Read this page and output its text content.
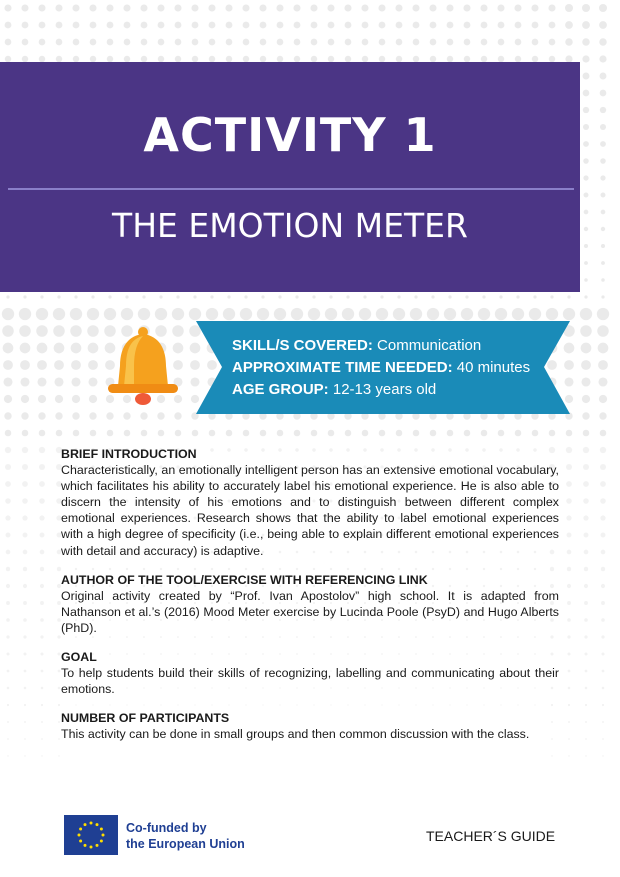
ACTIVITY 1
THE EMOTION METER
SKILL/S COVERED: Communication
APPROXIMATE TIME NEEDED: 40 minutes
AGE GROUP: 12-13 years old
BRIEF INTRODUCTION
Characteristically, an emotionally intelligent person has an extensive emotional vocabulary, which facilitates his ability to accurately label his emotional experience. He is also able to discern the intensity of his emotions and to distinguish between different complex emotional experiences. Research shows that the ability to label emotional experiences with a high degree of specificity (i.e., being able to explain different emotional experiences with detail and accuracy) is adaptive.
AUTHOR OF THE TOOL/EXERCISE WITH REFERENCING LINK
Original activity created by “Prof. Ivan Apostolov” high school. It is adapted from Nathanson et al.’s (2016) Mood Meter exercise by Lucinda Poole (PsyD) and Hugo Alberts (PhD).
GOAL
To help students build their skills of recognizing, labelling and communicating about their emotions.
NUMBER OF PARTICIPANTS
This activity can be done in small groups and then common discussion with the class.
Co-funded by
the European Union	TEACHER´S GUIDE
